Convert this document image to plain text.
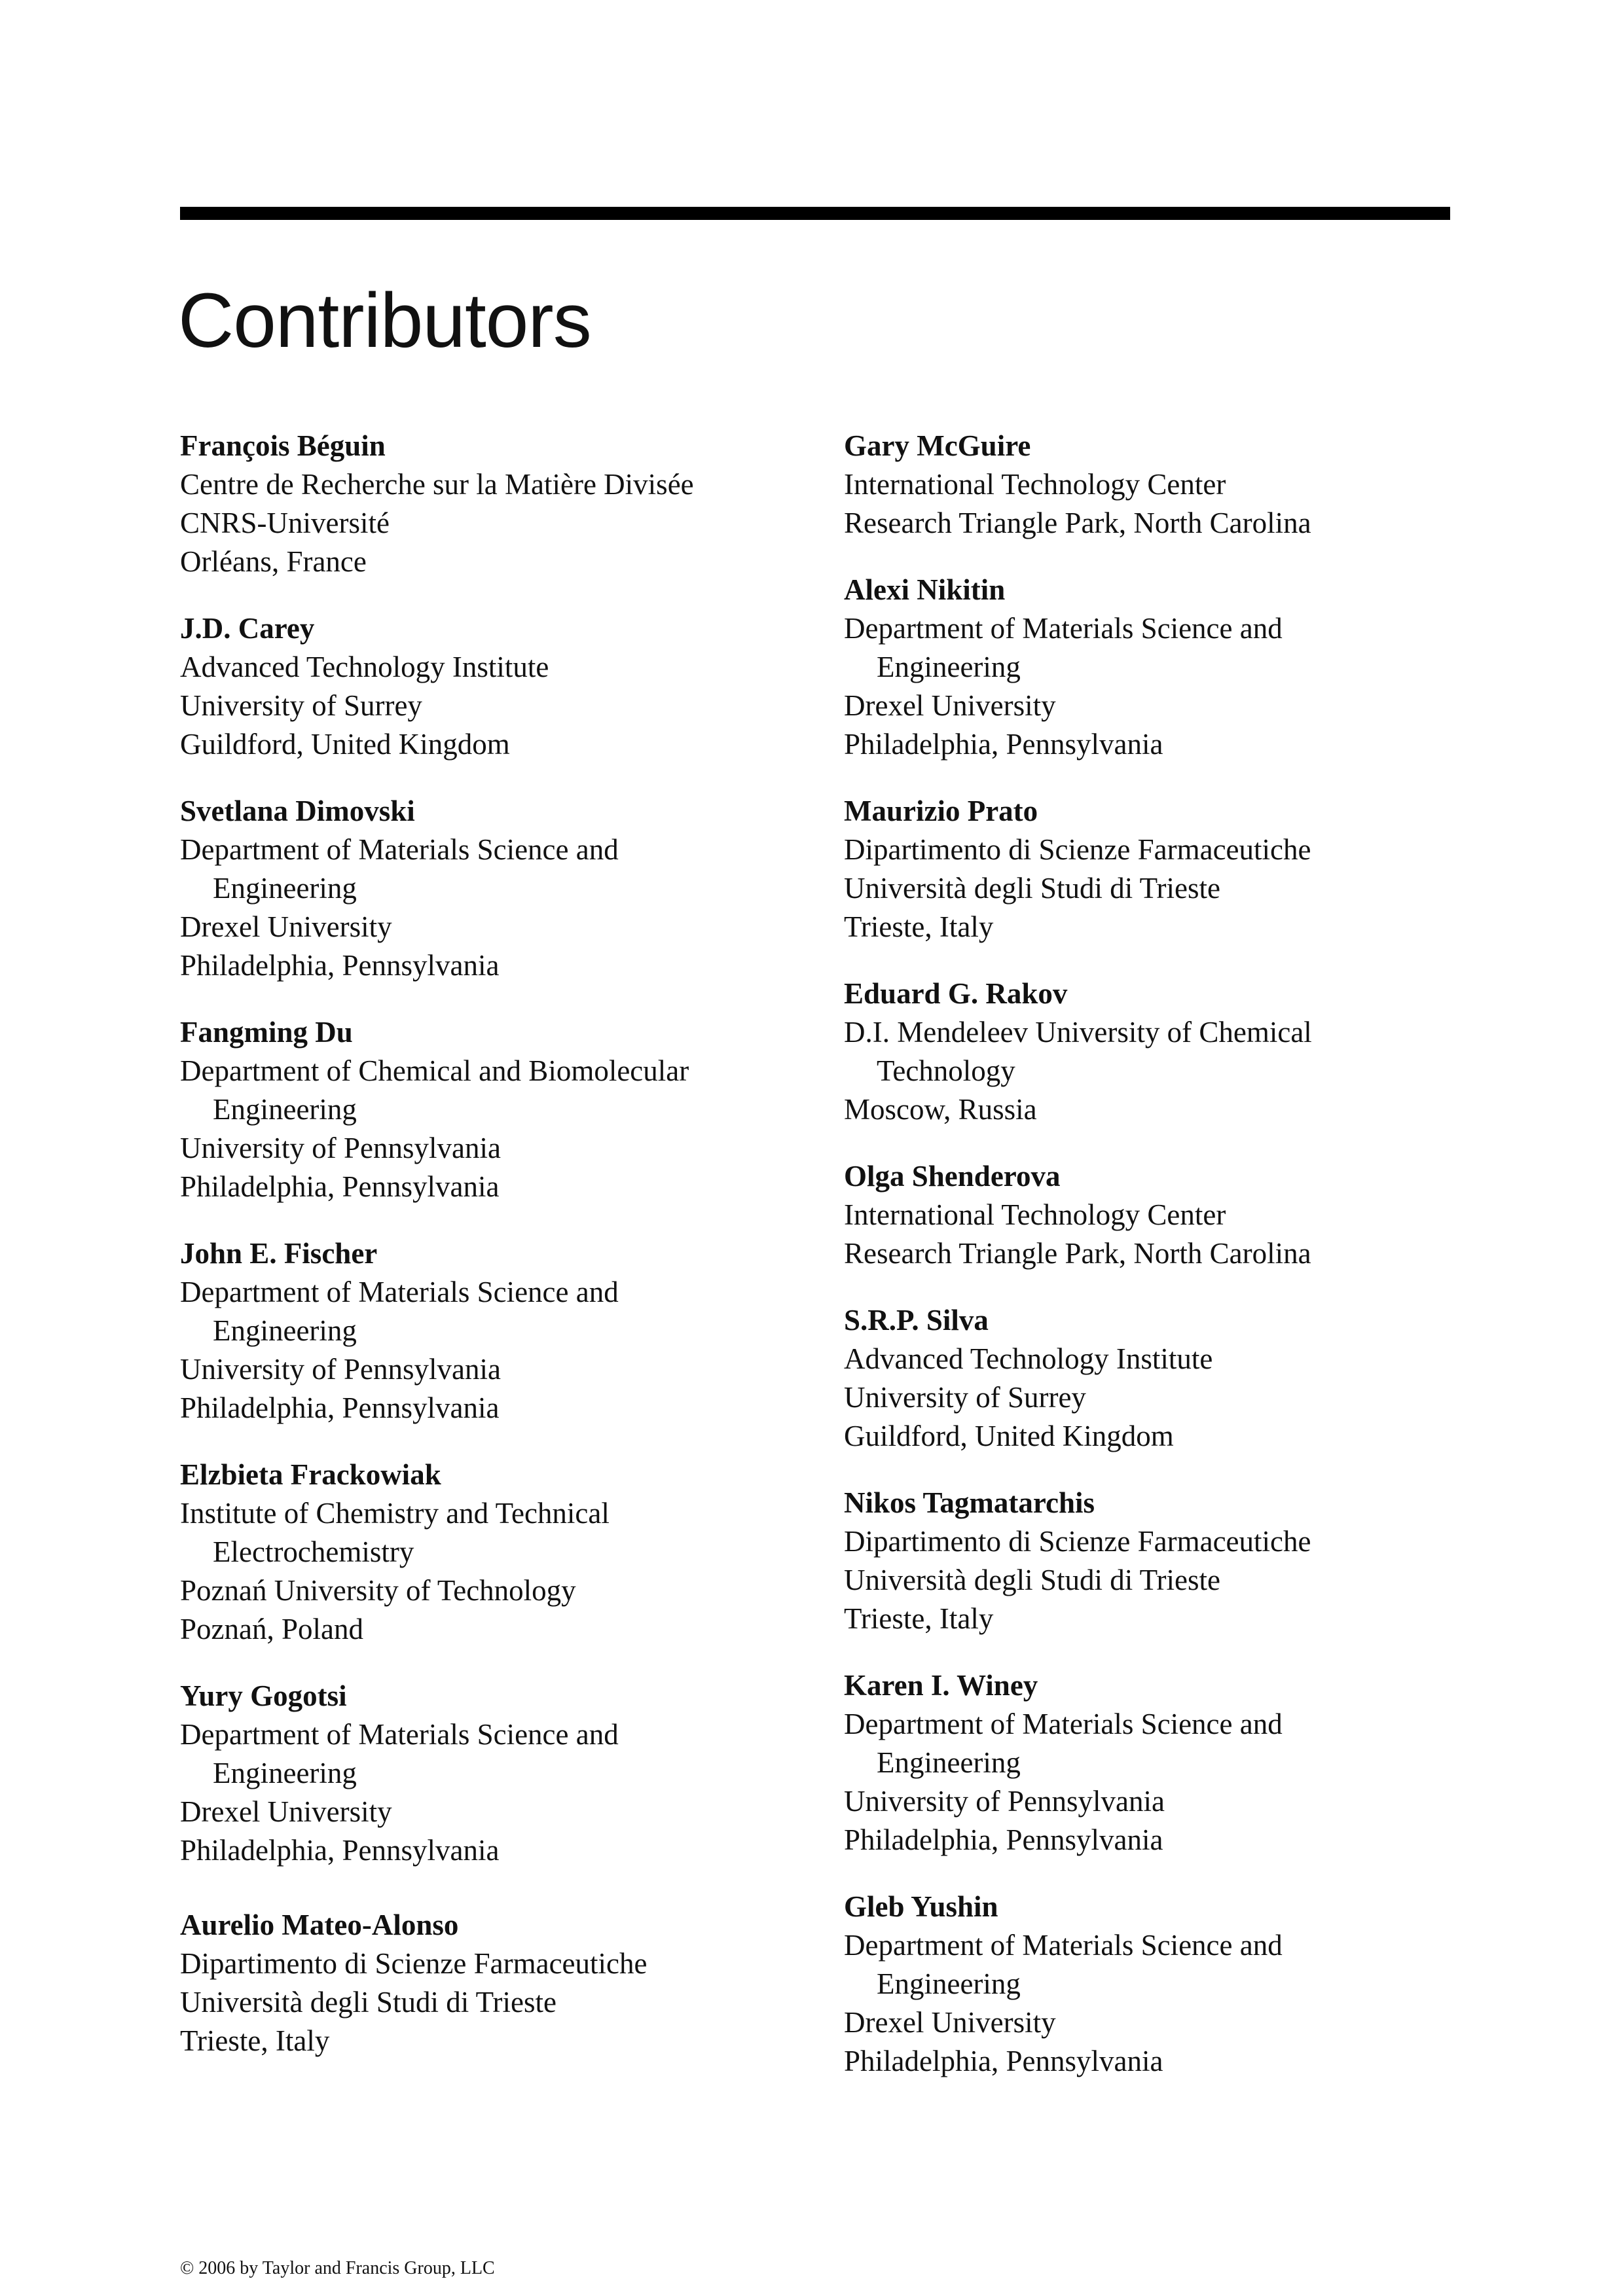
Contributors
François Béguin
Centre de Recherche sur la Matière Divisée
CNRS-Université
Orléans, France
J.D. Carey
Advanced Technology Institute
University of Surrey
Guildford, United Kingdom
Svetlana Dimovski
Department of Materials Science and
Engineering
Drexel University
Philadelphia, Pennsylvania
Fangming Du
Department of Chemical and Biomolecular
Engineering
University of Pennsylvania
Philadelphia, Pennsylvania
John E. Fischer
Department of Materials Science and
Engineering
University of Pennsylvania
Philadelphia, Pennsylvania
Elzbieta Frackowiak
Institute of Chemistry and Technical
Electrochemistry
Poznań University of Technology
Poznań, Poland
Yury Gogotsi
Department of Materials Science and
Engineering
Drexel University
Philadelphia, Pennsylvania
Aurelio Mateo-Alonso
Dipartimento di Scienze Farmaceutiche
Università degli Studi di Trieste
Trieste, Italy
Gary McGuire
International Technology Center
Research Triangle Park, North Carolina
Alexi Nikitin
Department of Materials Science and
Engineering
Drexel University
Philadelphia, Pennsylvania
Maurizio Prato
Dipartimento di Scienze Farmaceutiche
Università degli Studi di Trieste
Trieste, Italy
Eduard G. Rakov
D.I. Mendeleev University of Chemical
Technology
Moscow, Russia
Olga Shenderova
International Technology Center
Research Triangle Park, North Carolina
S.R.P. Silva
Advanced Technology Institute
University of Surrey
Guildford, United Kingdom
Nikos Tagmatarchis
Dipartimento di Scienze Farmaceutiche
Università degli Studi di Trieste
Trieste, Italy
Karen I. Winey
Department of Materials Science and
Engineering
University of Pennsylvania
Philadelphia, Pennsylvania
Gleb Yushin
Department of Materials Science and
Engineering
Drexel University
Philadelphia, Pennsylvania
© 2006 by Taylor and Francis Group, LLC
